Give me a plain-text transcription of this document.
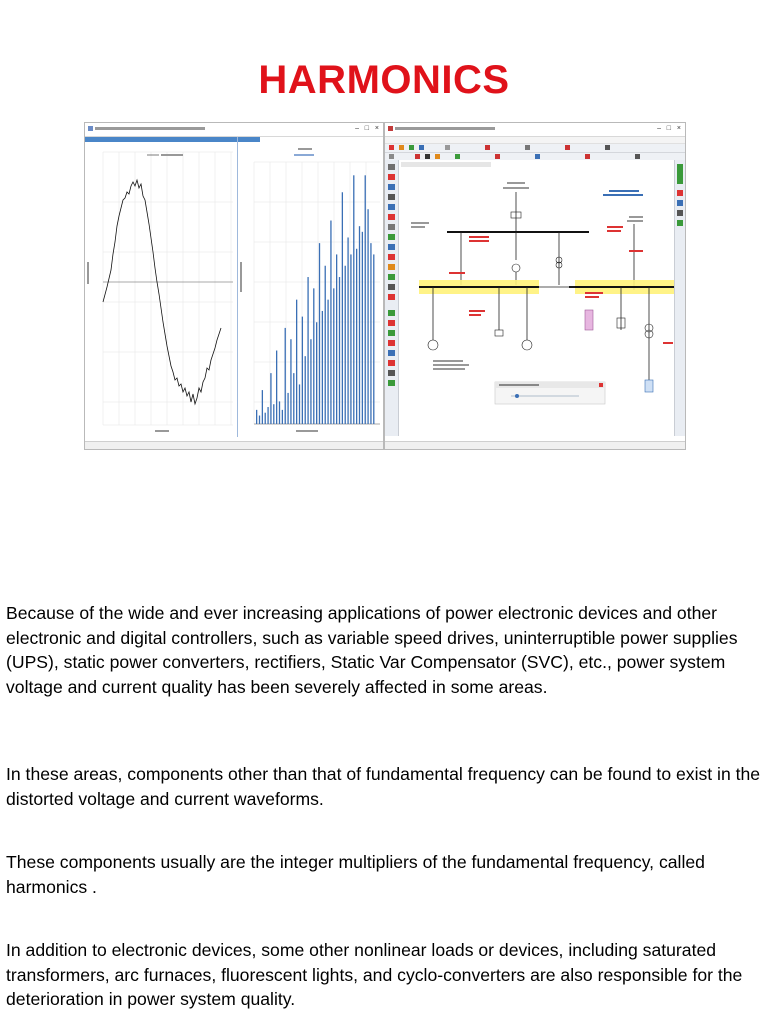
HARMONICS
– □ ×	– □ ×

Because of the wide and ever increasing applications of power electronic devices and other electronic and digital controllers, such as variable speed drives, uninterruptible power supplies (UPS), static power converters, rectifiers, Static Var Compensator (SVC), etc., power system voltage and current quality has been severely affected in some areas.

In these areas, components other than that of fundamental frequency can be found to exist in the distorted voltage and current waveforms.

These components usually are the integer multipliers of the fundamental frequency, called harmonics .

In addition to electronic devices, some other nonlinear loads or devices, including saturated transformers, arc furnaces, fluorescent lights, and cyclo-converters are also responsible for the deterioration in power system quality.
